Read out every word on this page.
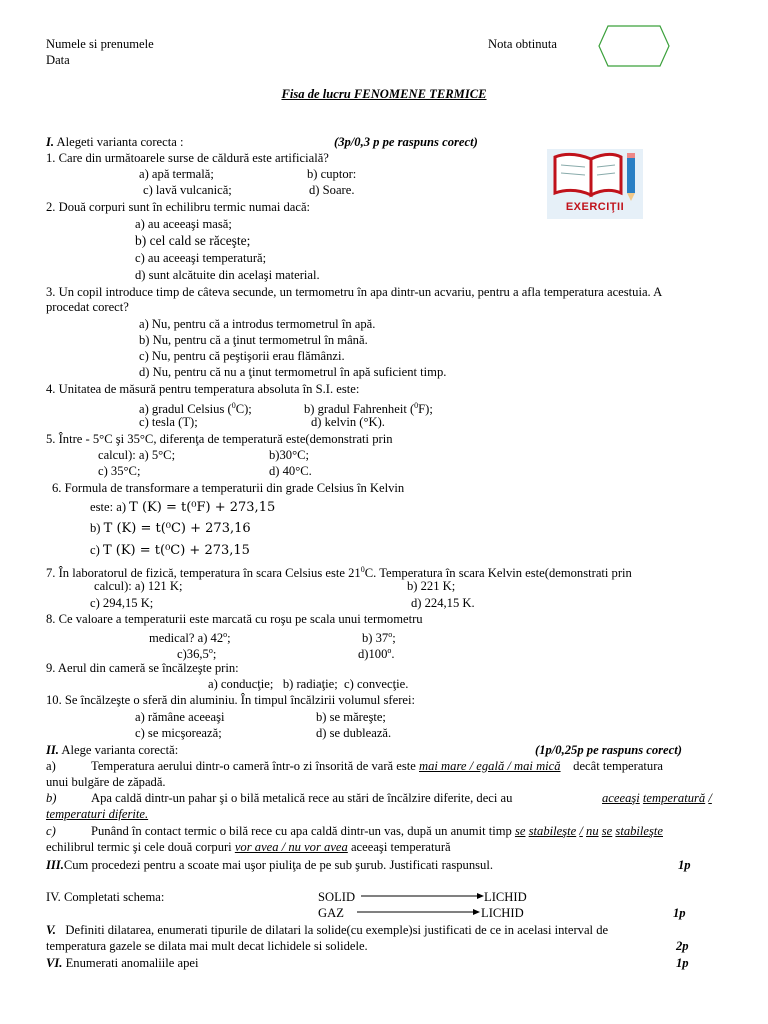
Numele si prenumele
Data
Nota obtinuta
Fisa de lucru FENOMENE TERMICE
EXERCIŢII
I. Alegeti varianta corecta :	(3p/0,3 p pe raspuns corect)
1. Care din următoarele surse de căldură este artificială?
a) apă termală;	b) cuptor:
c) lavă vulcanică;	d) Soare.
2. Două corpuri sunt în echilibru termic numai dacă:
a) au aceeaşi masă;
b) cel cald se răceşte;
c) au aceeaşi temperatură;
d) sunt alcătuite din acelaşi material.
3. Un copil introduce timp de câteva secunde, un termometru în apa dintr-un acvariu, pentru a afla temperatura acestuia. A
procedat corect?
a) Nu, pentru că a introdus termometrul în apă.
b) Nu, pentru că a ţinut termometrul în mână.
c) Nu, pentru că peştişorii erau flămânzi.
d) Nu, pentru că nu a ţinut termometrul în apă suficient timp.
4. Unitatea de măsură pentru temperatura absoluta în S.I. este:
a) gradul Celsius ($^0$C);	b) gradul Fahrenheit ($^0$F);
c) tesla (T);	d) kelvin (°K).
5. Între - 5°C şi 35°C, diferenţa de temperatură este(demonstrati prin
calcul): a) 5°C;	b)30°C;
c) 35°C;	d) 40°C.
6. Formula de transformare a temperaturii din grade Celsius în Kelvin
este: a) T (K) = t(⁰F) + 273,15
b) T (K) = t(⁰C) + 273,16
c) T (K) = t(⁰C) + 273,15
7. În laboratorul de fizică, temperatura în scara Celsius este $21^0C$. Temperatura în scara Kelvin este(demonstrati prin
calcul): a) 121 K;	b) 221 K;
c) 294,15 K;	d) 224,15 K.
8. Ce valoare a temperaturii este marcată cu roşu pe scala unui termometru
medical? a) 42$^o$;	b) 37$^o$;
c)36,5$^o$;	d)100$^o$.
9. Aerul din cameră se încălzeşte prin:
a) conducţie;   b) radiaţie;  c) convecţie.
10. Se încălzeşte o sferă din aluminiu. În timpul încălzirii volumul sferei:
a) rămâne aceeaşi	b) se măreşte;
c) se micşorează;	d) se dublează.
II. Alege varianta corectă:	(1p/0,25p pe raspuns corect)
a)	Temperatura aerului dintr-o cameră într-o zi însorită de vară este mai mare / egală / mai mică decât temperatura
unui bulgăre de zăpadă.
b)	Apa caldă dintr-un pahar şi o bilă metalică rece au stări de încălzire diferite, deci au	aceeaşi temperatură /
temperaturi diferite.
c)	Punând în contact termic o bilă rece cu apa caldă dintr-un vas, după un anumit timp se stabileşte / nu se stabileşte
echilibrul termic şi cele două corpuri vor avea / nu vor avea aceeaşi temperatură
III.Cum procedezi pentru a scoate mai uşor piuliţa de pe sub şurub. Justificati raspunsul.	1p
IV. Completati schema:	SOLID	LICHID
GAZ	LICHID	1p
V. Definiti dilatarea, enumerati tipurile de dilatari la solide(cu exemple)si justificati de ce in acelasi interval de
temperatura gazele se dilata mai mult decat lichidele si solidele.	2p
VI. Enumerati anomaliile apei	1p
